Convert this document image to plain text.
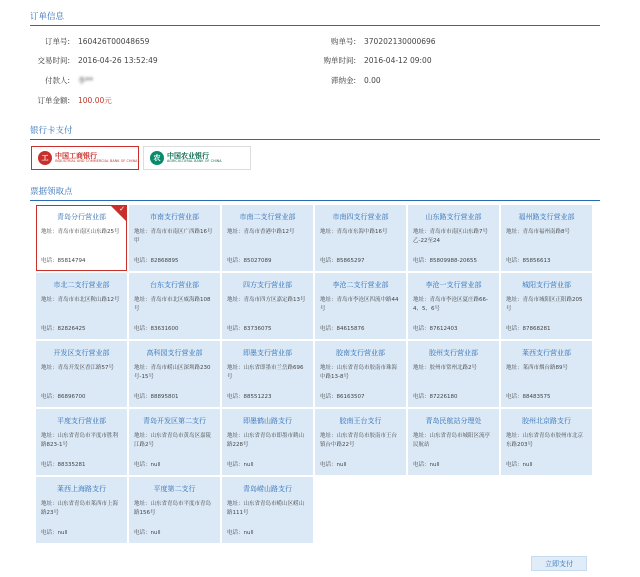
订单信息
订单号: 160426T00048659	购单号: 370202130000696
交易时间: 2016-04-26 13:52:49	购单时间: 2016-04-12 09:00
付款人: 李**	滞纳金: 0.00
订单金额: 100.00元
银行卡支付
工 中国工商银行
INDUSTRIAL AND COMMERCIAL BANK OF CHINA	农 中国农业银行
AGRICULTURAL BANK OF CHINA
票据领取点
青岛分行营业部
地址：青岛市市南区山东路25号
电话：85814794
✓
市南支行营业部
地址：青岛市市南区广西路16号甲
电话：82868895
市南二支行营业部
地址：青岛市香港中路12号
电话：85027089
市南四支行营业部
地址：青岛市东海中路16号
电话：85865297
山东路支行营业部
地址：青岛市市南区山东路7号乙-22至24
电话：85809988-20655
福州路支行营业部
地址：青岛市福州南路8号
电话：85856613
市北二支行营业部
地址：青岛市市北区鞍山路12号
电话：82826425
台东支行营业部
地址：青岛市市北区威海路108号
电话：83631600
四方支行营业部
地址：青岛市四方区嘉定路13号
电话：83736075
李沧二支行营业部
地址：青岛市李沧区四流中路44号
电话：84615876
李沧一支行营业部
地址：青岛市李沧区夏庄路66-4、5、6号
电话：87612403
城阳支行营业部
地址：青岛市城阳区正阳路205号
电话：87868281
开发区支行营业部
地址：青岛开发区香江路57号
电话：86896700
高科园支行营业部
地址：青岛市崂山区深圳路230号-15号
电话：88895801
即墨支行营业部
地址：山东省即墨市兰岳路696号
电话：88551223
胶南支行营业部
地址：山东省青岛市胶南市珠海中路13-8号
电话：86163507
胶州支行营业部
地址：胶州市常州北路2号
电话：87226180
莱西支行营业部
地址：莱西市烟台路89号
电话：88483575
平度支行营业部
地址：山东省青岛市平度市胜利路823-1号
电话：88335281
青岛开发区第二支行
地址：山东省青岛市黄岛区嘉陵江路2号
电话：null
即墨鹤山路支行
地址：山东省青岛市即墨市鹤山路228号
电话：null
胶南王台支行
地址：山东省青岛市胶南市王台镇台中路22号
电话：null
青岛民航站分理处
地址：山东省青岛市城阳区流亭民航站
电话：null
胶州北京路支行
地址：山东省青岛市胶州市北京东路203号
电话：null
莱西上海路支行
地址：山东省青岛市莱西市上海路23号
电话：null
平度第二支行
地址：山东省青岛市平度市青岛路156号
电话：null
青岛崂山路支行
地址：山东省青岛市崂山区崂山路111号
电话：null
立即支付
